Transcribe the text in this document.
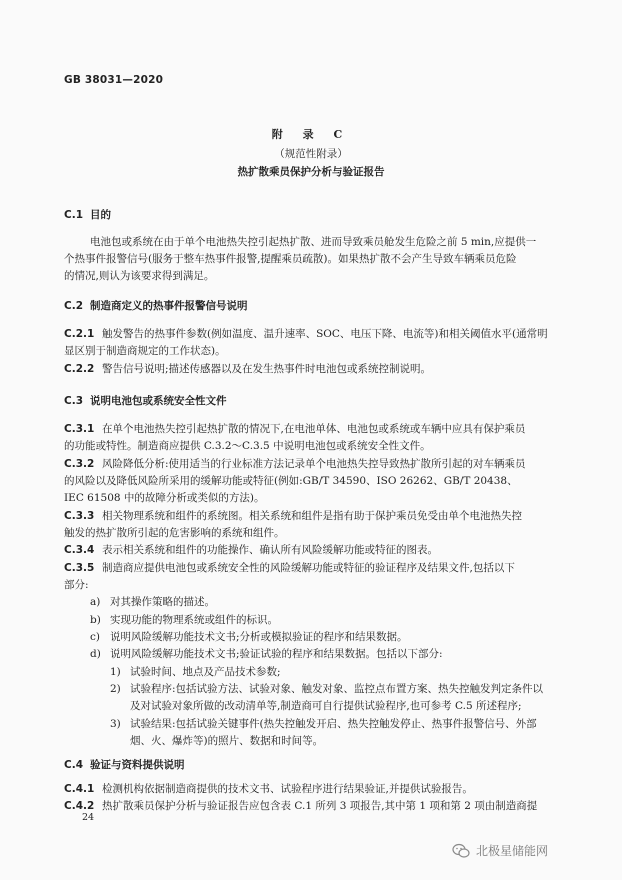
GB 38031—2020
附 录 C
（规范性附录）
热扩散乘员保护分析与验证报告
C.1 目的
电池包或系统在由于单个电池热失控引起热扩散、进而导致乘员舱发生危险之前 5 min,应提供一
个热事件报警信号(服务于整车热事件报警,提醒乘员疏散)。如果热扩散不会产生导致车辆乘员危险
的情况,则认为该要求得到满足。
C.2 制造商定义的热事件报警信号说明
C.2.1 触发警告的热事件参数(例如温度、温升速率、SOC、电压下降、电流等)和相关阈值水平(通常明
显区别于制造商规定的工作状态)。
C.2.2 警告信号说明;描述传感器以及在发生热事件时电池包或系统控制说明。
C.3 说明电池包或系统安全性文件
C.3.1 在单个电池热失控引起热扩散的情况下,在电池单体、电池包或系统或车辆中应具有保护乘员
的功能或特性。制造商应提供 C.3.2～C.3.5 中说明电池包或系统安全性文件。
C.3.2 风险降低分析:使用适当的行业标准方法记录单个电池热失控导致热扩散所引起的对车辆乘员
的风险以及降低风险所采用的缓解功能或特征(例如:GB/T 34590、ISO 26262、GB/T 20438、
IEC 61508 中的故障分析或类似的方法)。
C.3.3 相关物理系统和组件的系统图。相关系统和组件是指有助于保护乘员免受由单个电池热失控
触发的热扩散所引起的危害影响的系统和组件。
C.3.4 表示相关系统和组件的功能操作、确认所有风险缓解功能或特征的图表。
C.3.5 制造商应提供电池包或系统安全性的风险缓解功能或特征的验证程序及结果文件,包括以下
部分:
a) 对其操作策略的描述。
b) 实现功能的物理系统或组件的标识。
c) 说明风险缓解功能技术文书;分析或模拟验证的程序和结果数据。
d) 说明风险缓解功能技术文书;验证试验的程序和结果数据。包括以下部分:
1) 试验时间、地点及产品技术参数;
2) 试验程序:包括试验方法、试验对象、触发对象、监控点布置方案、热失控触发判定条件以
及对试验对象所做的改动清单等,制造商可自行提供试验程序,也可参考 C.5 所述程序;
3) 试验结果:包括试验关键事件(热失控触发开启、热失控触发停止、热事件报警信号、外部
烟、火、爆炸等)的照片、数据和时间等。
C.4 验证与资料提供说明
C.4.1 检测机构依据制造商提供的技术文书、试验程序进行结果验证,并提供试验报告。
C.4.2 热扩散乘员保护分析与验证报告应包含表 C.1 所列 3 项报告,其中第 1 项和第 2 项由制造商提
24
北极星储能网
